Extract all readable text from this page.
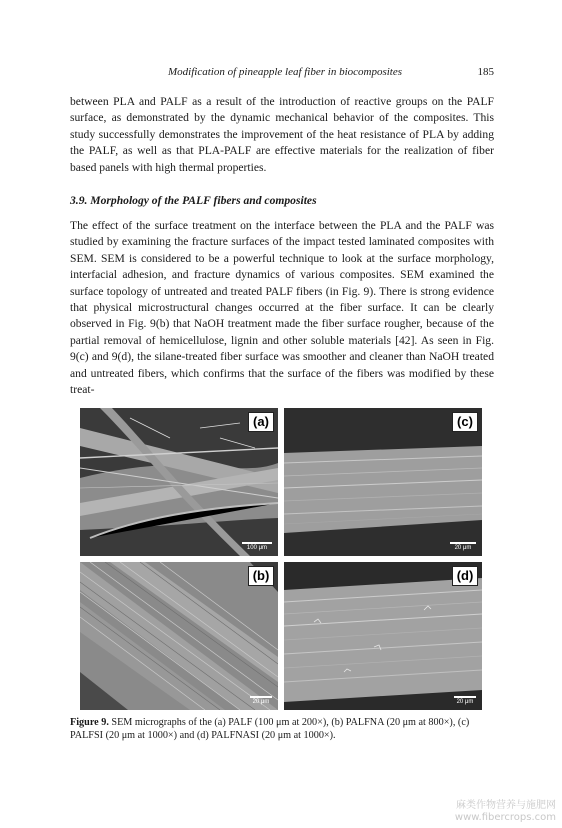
Modification of pineapple leaf fiber in biocomposites	185

between PLA and PALF as a result of the introduction of reactive groups on the PALF surface, as demonstrated by the dynamic mechanical behavior of the composites. This study successfully demonstrates the improvement of the heat resistance of PLA by adding the PALF, as well as that PLA-PALF are effective materials for the realization of fiber based panels with high thermal properties.

3.9. Morphology of the PALF fibers and composites

The effect of the surface treatment on the interface between the PLA and the PALF was studied by examining the fracture surfaces of the impact tested laminated composites with SEM. SEM is considered to be a powerful technique to look at the surface morphology, interfacial adhesion, and fracture dynamics of various composites. SEM examined the surface topology of untreated and treated PALF fibers (in Fig. 9). There is strong evidence that physical microstructural changes occurred at the fiber surface. It can be clearly observed in Fig. 9(b) that NaOH treatment made the fiber surface rougher, because of the partial removal of hemicellulose, lignin and other soluble materials [42]. As seen in Fig. 9(c) and 9(d), the silane-treated fiber surface was smoother and cleaner than NaOH treated and untreated fibers, which confirms that the surface of the fibers was modified by these treat-

(a)
100 μm
(c)
20 μm
(b)
20 μm
(d)
20 μm

Figure 9. SEM micrographs of the (a) PALF (100 μm at 200×), (b) PALFNA (20 μm at 800×), (c) PALFSI (20 μm at 1000×) and (d) PALFNASI (20 μm at 1000×).

麻类作物营养与施肥网
www.fibercrops.com
